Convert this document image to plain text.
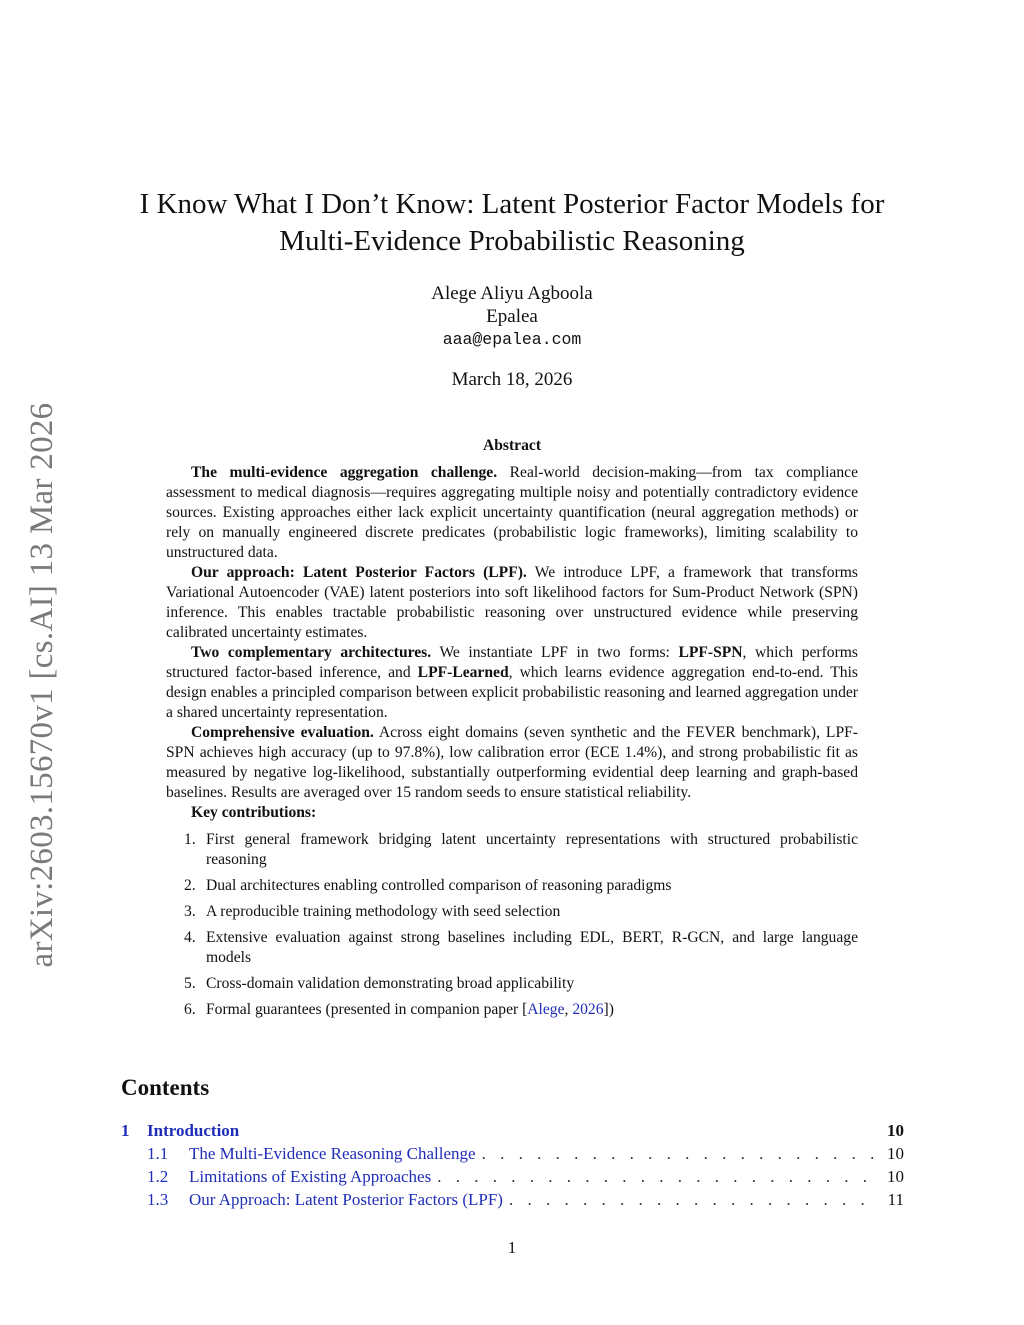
arXiv:2603.15670v1 [cs.AI] 13 Mar 2026
I Know What I Don’t Know: Latent Posterior Factor Models for
Multi-Evidence Probabilistic Reasoning
Alege Aliyu Agboola
Epalea
aaa@epalea.com
March 18, 2026
Abstract

The multi-evidence aggregation challenge. Real-world decision-making—from tax compliance assessment to medical diagnosis—requires aggregating multiple noisy and potentially contradictory evidence sources. Existing approaches either lack explicit uncertainty quantification (neural aggregation methods) or rely on manually engineered discrete predicates (probabilistic logic frameworks), limiting scalability to unstructured data.

Our approach: Latent Posterior Factors (LPF). We introduce LPF, a framework that transforms Variational Autoencoder (VAE) latent posteriors into soft likelihood factors for Sum-Product Network (SPN) inference. This enables tractable probabilistic reasoning over unstructured evidence while preserving calibrated uncertainty estimates.

Two complementary architectures. We instantiate LPF in two forms: LPF-SPN, which performs structured factor-based inference, and LPF-Learned, which learns evidence aggregation end-to-end. This design enables a principled comparison between explicit probabilistic reasoning and learned aggregation under a shared uncertainty representation.

Comprehensive evaluation. Across eight domains (seven synthetic and the FEVER benchmark), LPF-SPN achieves high accuracy (up to 97.8%), low calibration error (ECE 1.4%), and strong probabilistic fit as measured by negative log-likelihood, substantially outperforming evidential deep learning and graph-based baselines. Results are averaged over 15 random seeds to ensure statistical reliability.

Key contributions:

1. First general framework bridging latent uncertainty representations with structured probabilistic reasoning
2. Dual architectures enabling controlled comparison of reasoning paradigms
3. A reproducible training methodology with seed selection
4. Extensive evaluation against strong baselines including EDL, BERT, R-GCN, and large language models
5. Cross-domain validation demonstrating broad applicability
6. Formal guarantees (presented in companion paper [Alege, 2026])
Contents
1	Introduction	10
1.1	The Multi-Evidence Reasoning Challenge . . .	10
1.2	Limitations of Existing Approaches . . .	10
1.3	Our Approach: Latent Posterior Factors (LPF) . . .	11
1
